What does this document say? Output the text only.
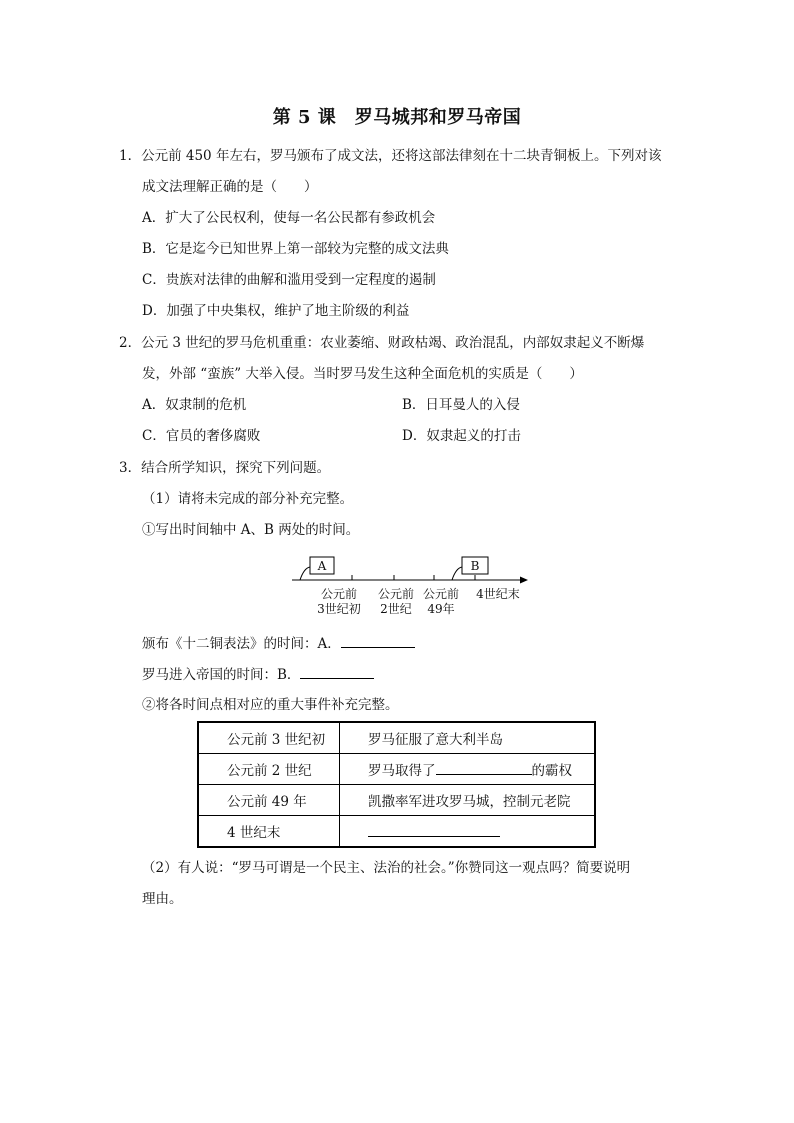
第 5 课　罗马城邦和罗马帝国
1．公元前 450 年左右，罗马颁布了成文法，还将这部法律刻在十二块青铜板上。下列对该
成文法理解正确的是（　　）
A．扩大了公民权利，使每一名公民都有参政机会
B．它是迄今已知世界上第一部较为完整的成文法典
C．贵族对法律的曲解和滥用受到一定程度的遏制
D．加强了中央集权，维护了地主阶级的利益
2．公元 3 世纪的罗马危机重重：农业萎缩、财政枯竭、政治混乱，内部奴隶起义不断爆
发，外部 “蛮族” 大举入侵。当时罗马发生这种全面危机的实质是（　　）
A．奴隶制的危机	B．日耳曼人的入侵
C．官员的奢侈腐败	D．奴隶起义的打击
3．结合所学知识，探究下列问题。
（1）请将未完成的部分补充完整。
①写出时间轴中 A、B 两处的时间。
A	B
公元前
3世纪初
公元前
2世纪
公元前
49年
4世纪末
颁布《十二铜表法》的时间：A．
罗马进入帝国的时间：B．
②将各时间点相对应的重大事件补充完整。
公元前 3 世纪初	罗马征服了意大利半岛
公元前 2 世纪	罗马取得了 的霸权
公元前 49 年	凯撒率军进攻罗马城，控制元老院
4 世纪末	
（2）有人说：“罗马可谓是一个民主、法治的社会。”你赞同这一观点吗？简要说明
理由。
